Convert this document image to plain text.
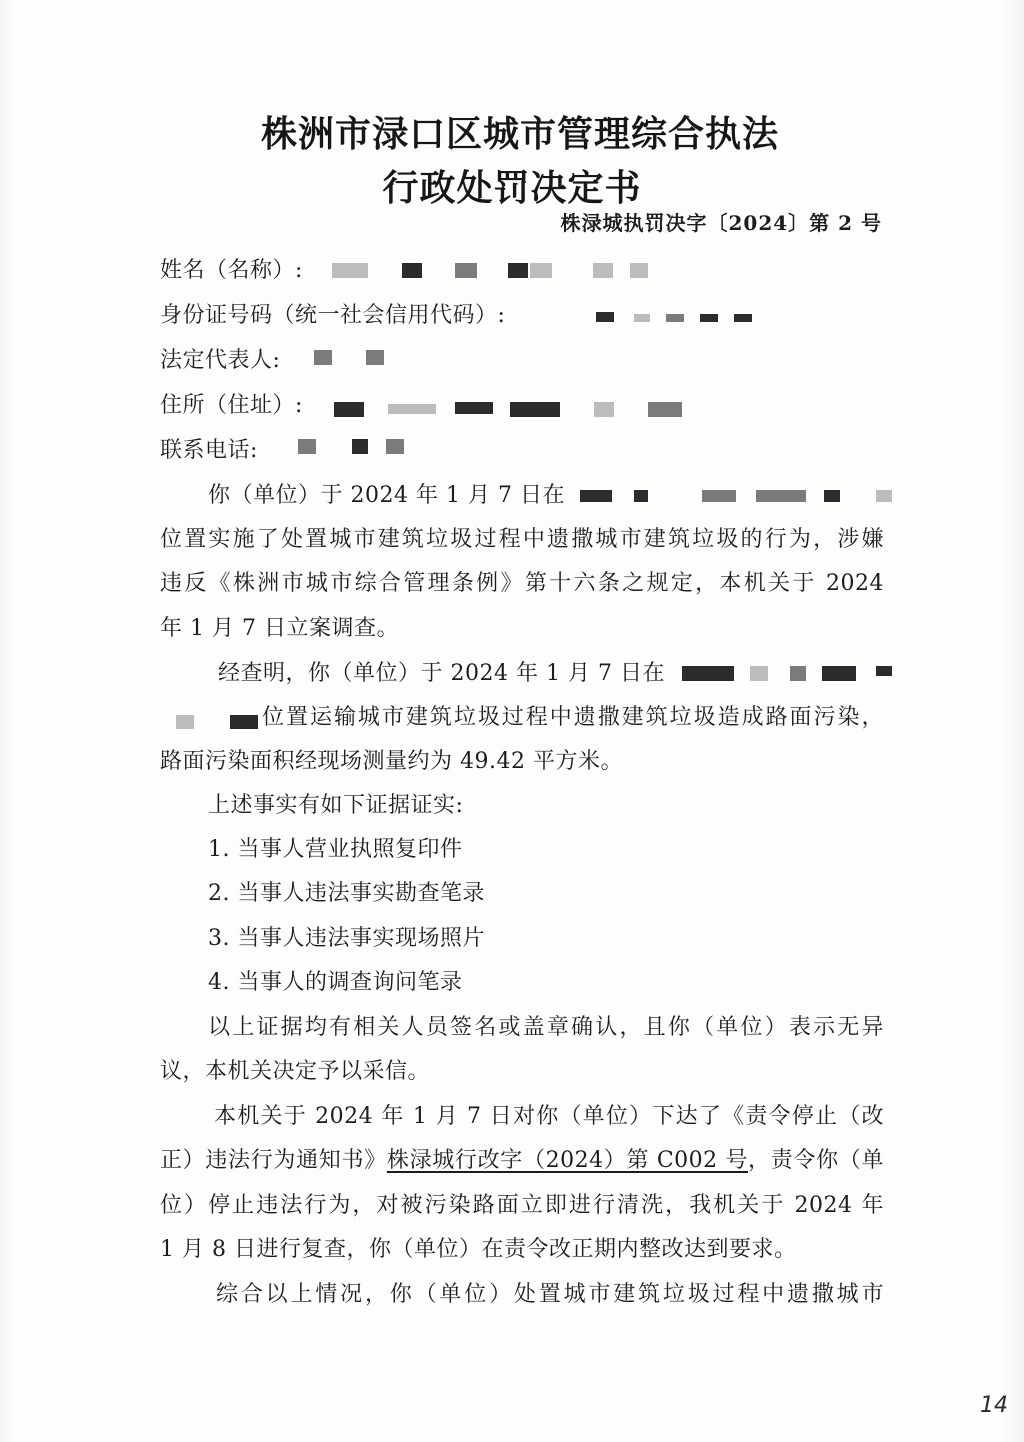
株洲市渌口区城市管理综合执法
行政处罚决定书
株渌城执罚决字〔2024〕第 2 号
姓名（名称）:
身份证号码（统一社会信用代码）:
法定代表人:
住所（住址）:
联系电话:
你（单位）于 2024 年 1 月 7 日在
位置实施了处置城市建筑垃圾过程中遗撒城市建筑垃圾的行为，涉嫌
违反《株洲市城市综合管理条例》第十六条之规定，本机关于 2024
年 1 月 7 日立案调查。
经查明，你（单位）于 2024 年 1 月 7 日在
位置运输城市建筑垃圾过程中遗撒建筑垃圾造成路面污染，
路面污染面积经现场测量约为 49.42 平方米。
上述事实有如下证据证实:
1. 当事人营业执照复印件
2. 当事人违法事实勘查笔录
3. 当事人违法事实现场照片
4. 当事人的调查询问笔录
以上证据均有相关人员签名或盖章确认，且你（单位）表示无异
议，本机关决定予以采信。
本机关于 2024 年 1 月 7 日对你（单位）下达了《责令停止（改
正）违法行为通知书》株渌城行改字（2024）第 C002 号，责令你（单
位）停止违法行为，对被污染路面立即进行清洗，我机关于 2024 年
1 月 8 日进行复查，你（单位）在责令改正期内整改达到要求。
综合以上情况，你（单位）处置城市建筑垃圾过程中遗撒城市
14
